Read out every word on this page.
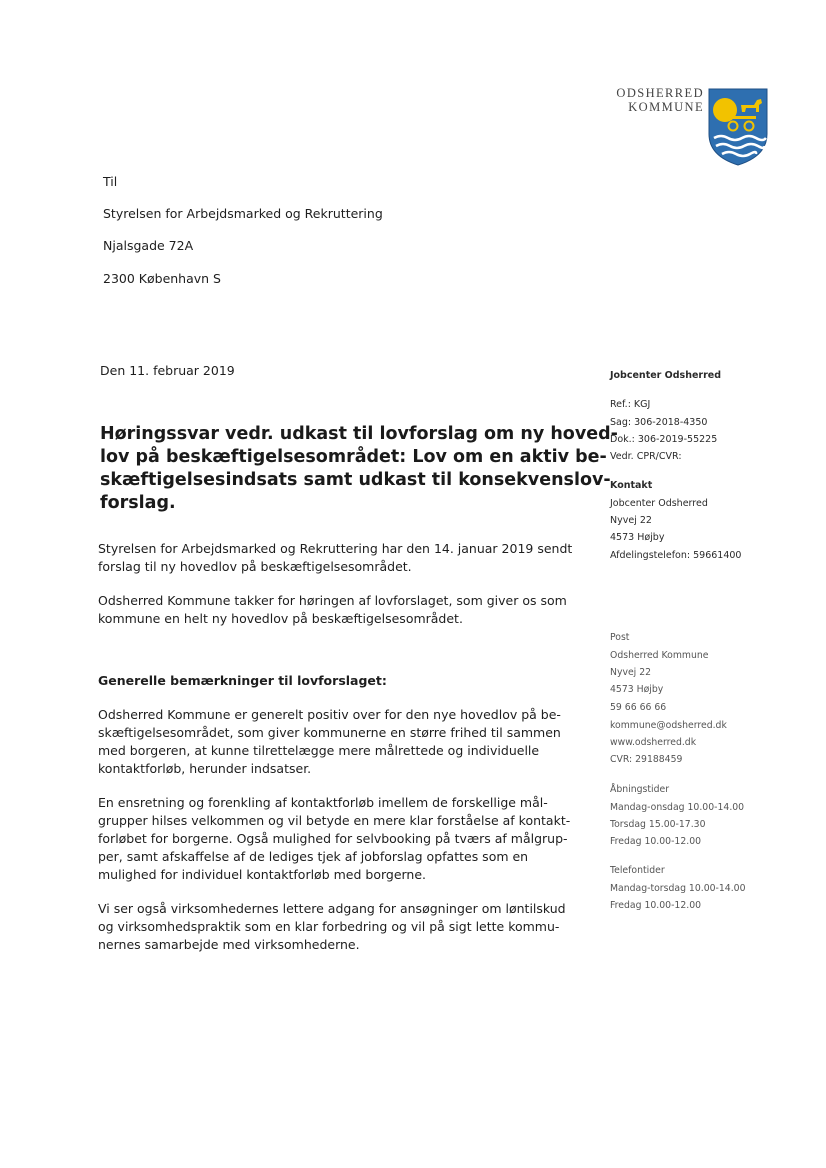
ODSHERRED
KOMMUNE
Til
Styrelsen for Arbejdsmarked og Rekruttering
Njalsgade 72A
2300 København S
Den 11. februar 2019
Høringssvar vedr. udkast til lovforslag om ny hoved-
lov på beskæftigelsesområdet: Lov om en aktiv be-
skæftigelsesindsats samt udkast til konsekvenslov-
forslag.
Styrelsen for Arbejdsmarked og Rekruttering har den 14. januar 2019 sendt
forslag til ny hovedlov på beskæftigelsesområdet.
Odsherred Kommune takker for høringen af lovforslaget, som giver os som
kommune en helt ny hovedlov på beskæftigelsesområdet.
Generelle bemærkninger til lovforslaget:
Odsherred Kommune er generelt positiv over for den nye hovedlov på be-
skæftigelsesområdet, som giver kommunerne en større frihed til sammen
med borgeren, at kunne tilrettelægge mere målrettede og individuelle
kontaktforløb, herunder indsatser.
En ensretning og forenkling af kontaktforløb imellem de forskellige mål-
grupper hilses velkommen og vil betyde en mere klar forståelse af kontakt-
forløbet for borgerne. Også mulighed for selvbooking på tværs af målgrup-
per, samt afskaffelse af de lediges tjek af jobforslag opfattes som en
mulighed for individuel kontaktforløb med borgerne.
Vi ser også virksomhedernes lettere adgang for ansøgninger om løntilskud
og virksomhedspraktik som en klar forbedring og vil på sigt lette kommu-
nernes samarbejde med virksomhederne.
Jobcenter Odsherred
Ref.: KGJ
Sag: 306-2018-4350
Dok.: 306-2019-55225
Vedr. CPR/CVR:
Kontakt
Jobcenter Odsherred
Nyvej 22
4573 Højby
Afdelingstelefon: 59661400
Post
Odsherred Kommune
Nyvej 22
4573 Højby
59 66 66 66
kommune@odsherred.dk
www.odsherred.dk
CVR: 29188459
Åbningstider
Mandag-onsdag 10.00-14.00
Torsdag 15.00-17.30
Fredag 10.00-12.00
Telefontider
Mandag-torsdag 10.00-14.00
Fredag 10.00-12.00
